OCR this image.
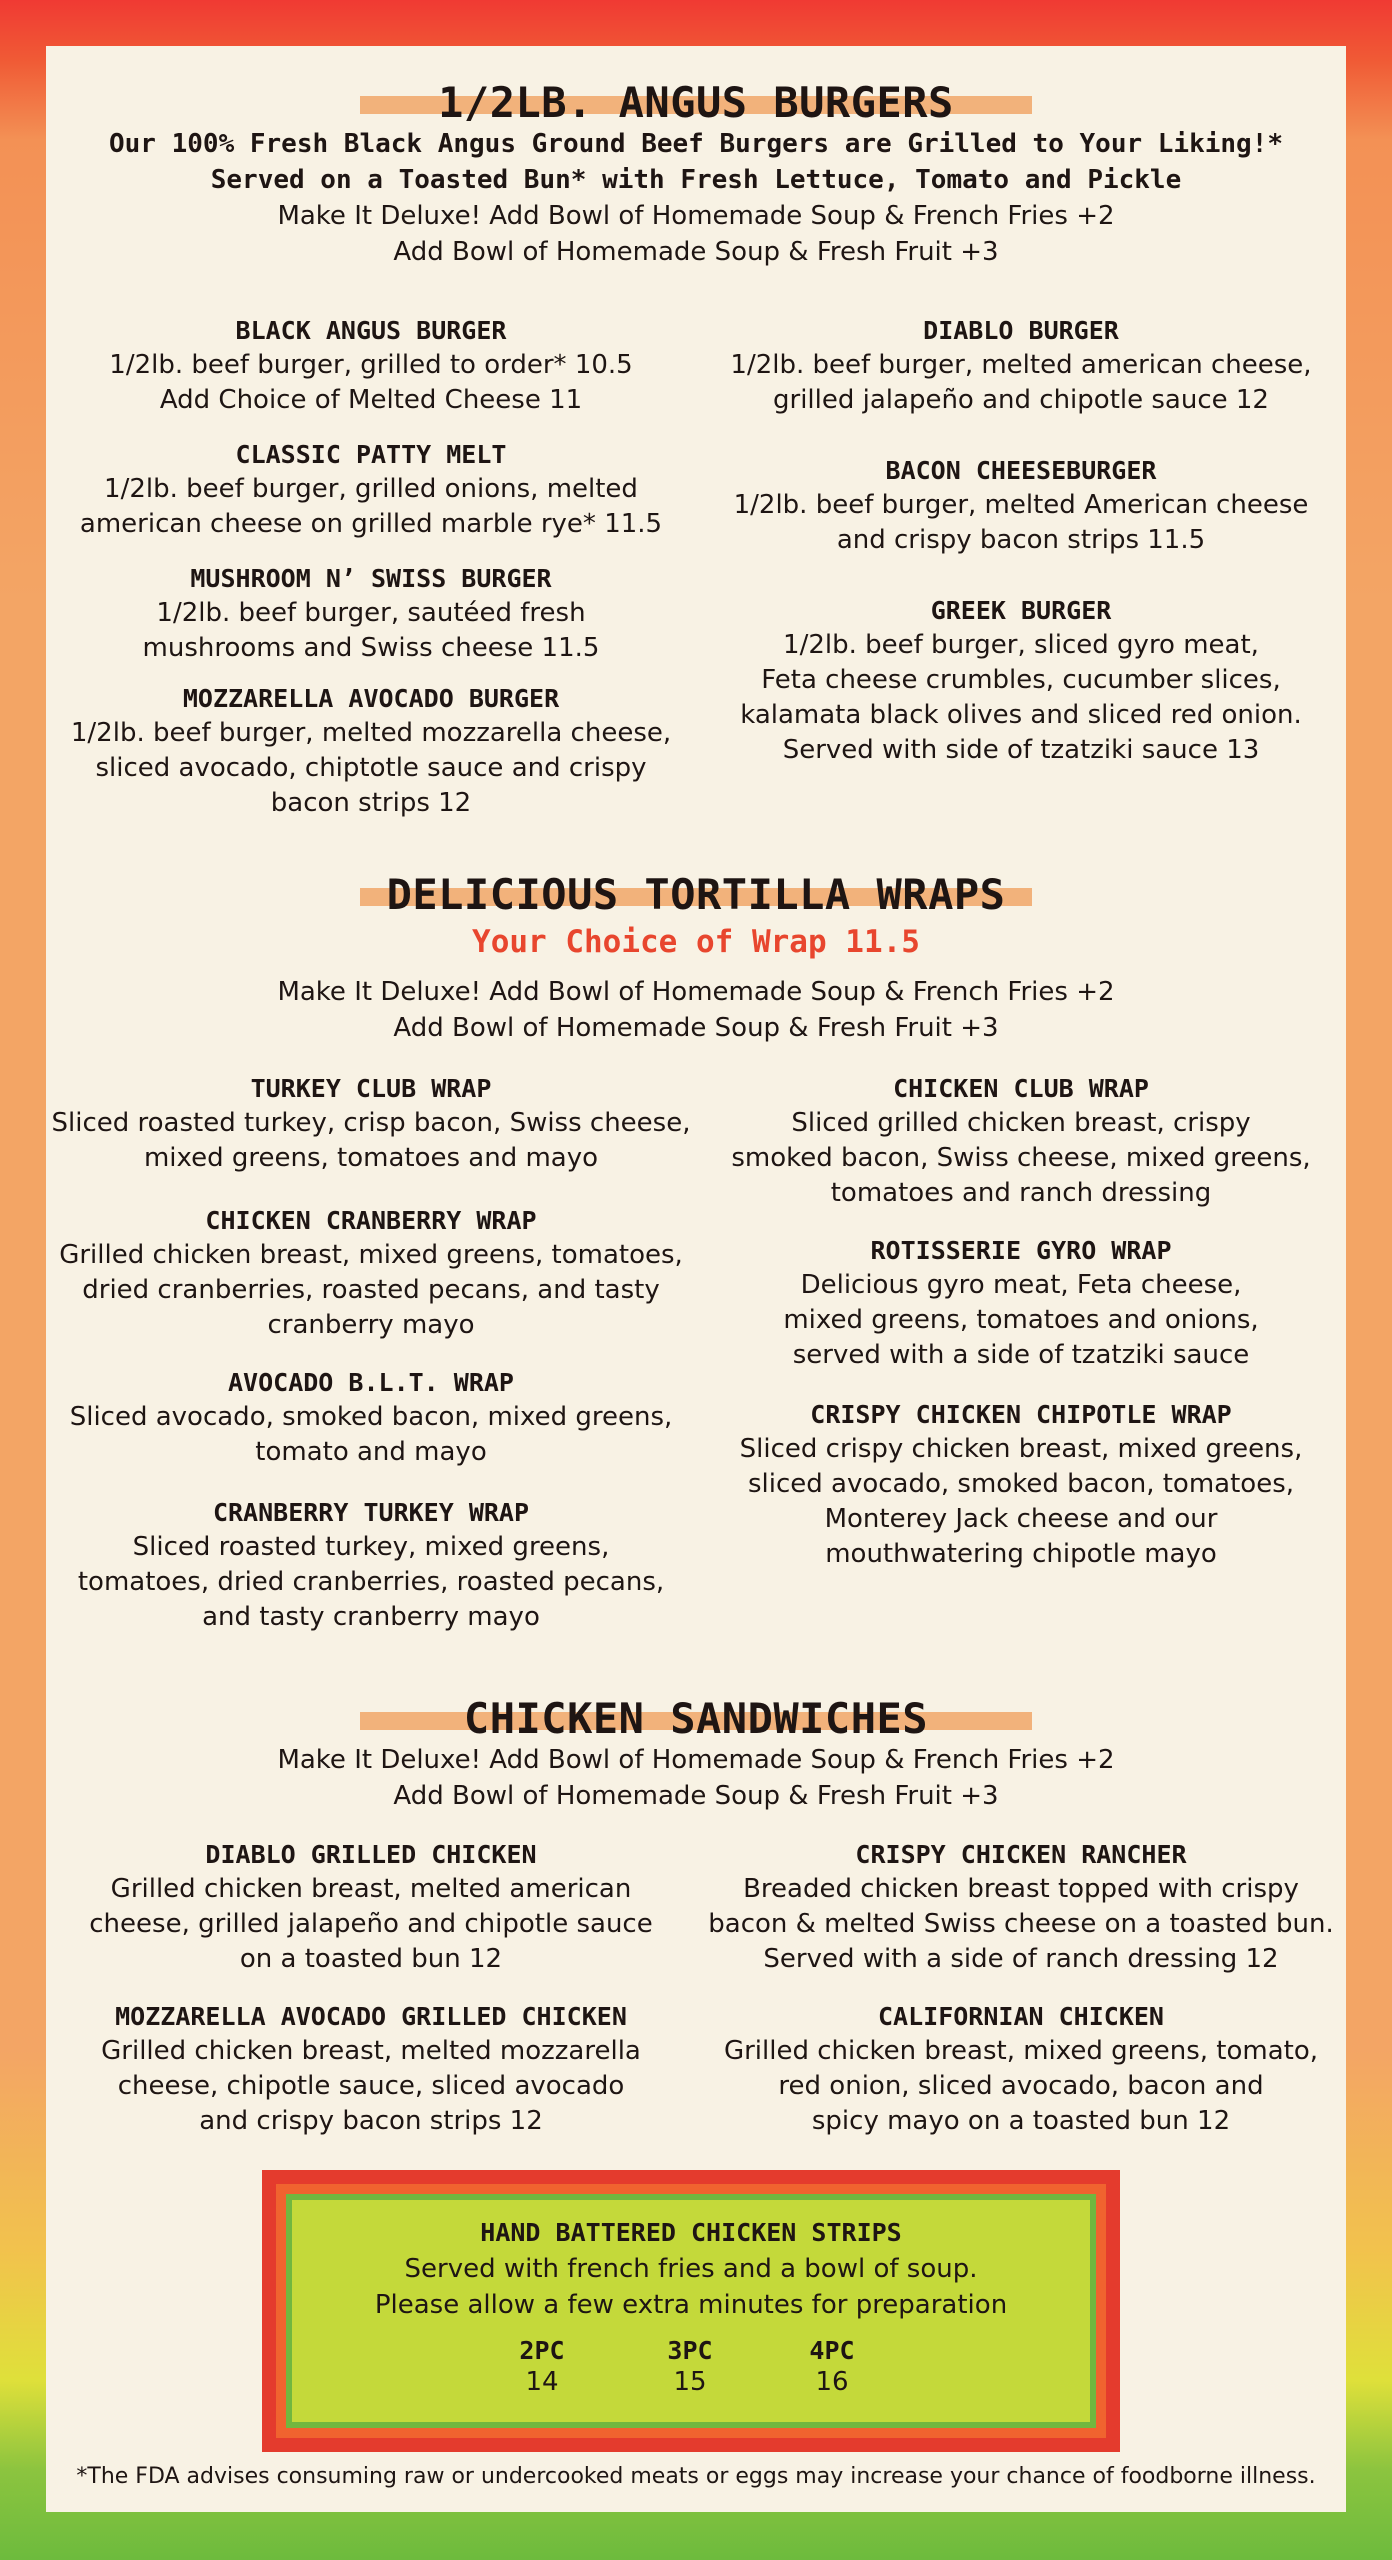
1/2LB. ANGUS BURGERS
Our 100% Fresh Black Angus Ground Beef Burgers are Grilled to Your Liking!*
Served on a Toasted Bun* with Fresh Lettuce, Tomato and Pickle
Make It Deluxe! Add Bowl of Homemade Soup & French Fries +2
Add Bowl of Homemade Soup & Fresh Fruit +3
BLACK ANGUS BURGER
1/2lb. beef burger, grilled to order* 10.5
Add Choice of Melted Cheese 11
CLASSIC PATTY MELT
1/2lb. beef burger, grilled onions, melted
american cheese on grilled marble rye* 11.5
MUSHROOM N’ SWISS BURGER
1/2lb. beef burger, sautéed fresh
mushrooms and Swiss cheese 11.5
MOZZARELLA AVOCADO BURGER
1/2lb. beef burger, melted mozzarella cheese,
sliced avocado, chiptotle sauce and crispy
bacon strips 12
DIABLO BURGER
1/2lb. beef burger, melted american cheese,
grilled jalapeño and chipotle sauce 12
BACON CHEESEBURGER
1/2lb. beef burger, melted American cheese
and crispy bacon strips 11.5
GREEK BURGER
1/2lb. beef burger, sliced gyro meat,
Feta cheese crumbles, cucumber slices,
kalamata black olives and sliced red onion.
Served with side of tzatziki sauce 13
DELICIOUS TORTILLA WRAPS
Your Choice of Wrap 11.5
Make It Deluxe! Add Bowl of Homemade Soup & French Fries +2
Add Bowl of Homemade Soup & Fresh Fruit +3
TURKEY CLUB WRAP
Sliced roasted turkey, crisp bacon, Swiss cheese,
mixed greens, tomatoes and mayo
CHICKEN CRANBERRY WRAP
Grilled chicken breast, mixed greens, tomatoes,
dried cranberries, roasted pecans, and tasty
cranberry mayo
AVOCADO B.L.T. WRAP
Sliced avocado, smoked bacon, mixed greens,
tomato and mayo
CRANBERRY TURKEY WRAP
Sliced roasted turkey, mixed greens,
tomatoes, dried cranberries, roasted pecans,
and tasty cranberry mayo
CHICKEN CLUB WRAP
Sliced grilled chicken breast, crispy
smoked bacon, Swiss cheese, mixed greens,
tomatoes and ranch dressing
ROTISSERIE GYRO WRAP
Delicious gyro meat, Feta cheese,
mixed greens, tomatoes and onions,
served with a side of tzatziki sauce
CRISPY CHICKEN CHIPOTLE WRAP
Sliced crispy chicken breast, mixed greens,
sliced avocado, smoked bacon, tomatoes,
Monterey Jack cheese and our
mouthwatering chipotle mayo
CHICKEN SANDWICHES
Make It Deluxe! Add Bowl of Homemade Soup & French Fries +2
Add Bowl of Homemade Soup & Fresh Fruit +3
DIABLO GRILLED CHICKEN
Grilled chicken breast, melted american
cheese, grilled jalapeño and chipotle sauce
on a toasted bun 12
MOZZARELLA AVOCADO GRILLED CHICKEN
Grilled chicken breast, melted mozzarella
cheese, chipotle sauce, sliced avocado
and crispy bacon strips 12
CRISPY CHICKEN RANCHER
Breaded chicken breast topped with crispy
bacon & melted Swiss cheese on a toasted bun.
Served with a side of ranch dressing 12
CALIFORNIAN CHICKEN
Grilled chicken breast, mixed greens, tomato,
red onion, sliced avocado, bacon and
spicy mayo on a toasted bun 12
HAND BATTERED CHICKEN STRIPS
Served with french fries and a bowl of soup.
Please allow a few extra minutes for preparation
2PC
14
3PC
15
4PC
16
*The FDA advises consuming raw or undercooked meats or eggs may increase your chance of foodborne illness.
